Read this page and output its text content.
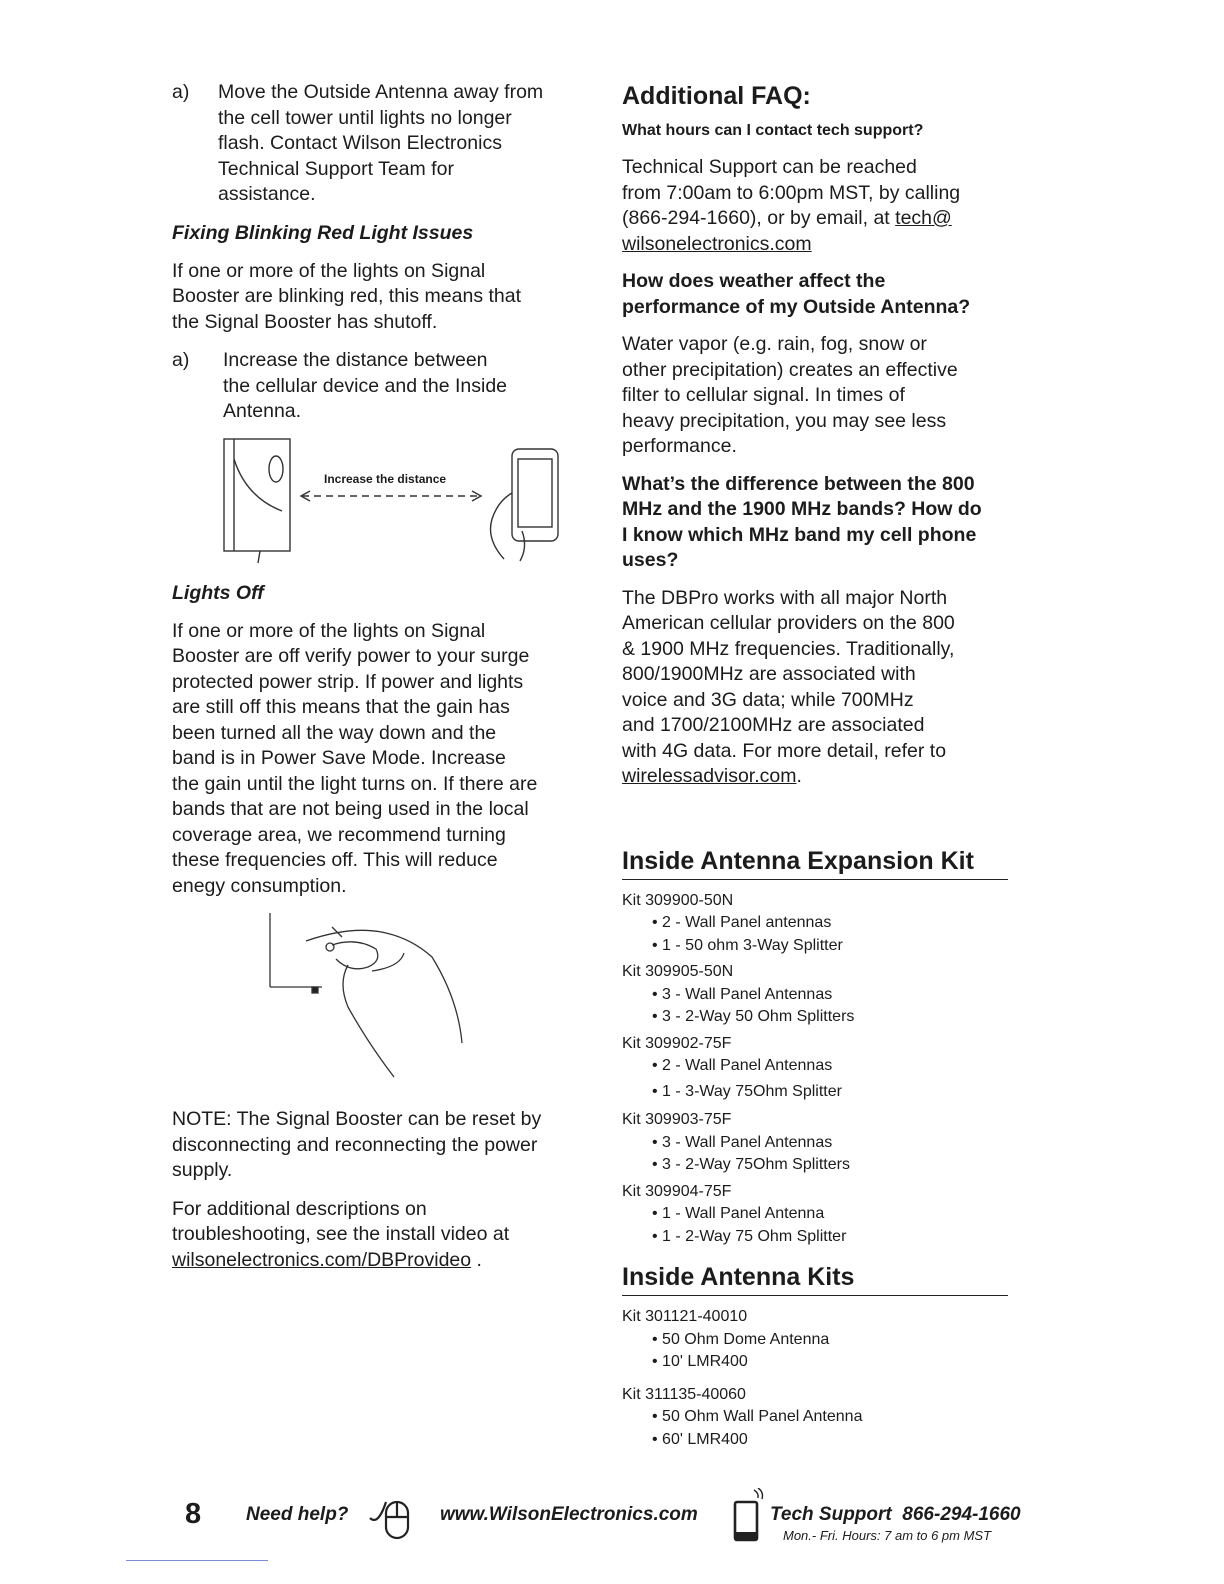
a)	Move the Outside Antenna away from
the cell tower until lights no longer
flash. Contact Wilson Electronics
Technical Support Team for
assistance.
Fixing Blinking Red Light Issues
If one or more of the lights on Signal
Booster are blinking red, this means that
the Signal Booster has shutoff.
a)	Increase the distance between
the cellular device and the Inside
Antenna.
Increase the distance
Lights Off
If one or more of the lights on Signal
Booster are off verify power to your surge
protected power strip. If power and lights
are still off this means that the gain has
been turned all the way down and the
band is in Power Save Mode. Increase
the gain until the light turns on. If there are
bands that are not being used in the local
coverage area, we recommend turning
these frequencies off. This will reduce
enegy consumption.
NOTE: The Signal Booster can be reset by
disconnecting and reconnecting the power
supply.
For additional descriptions on
troubleshooting, see the install video at
wilsonelectronics.com/DBProvideo .
Additional FAQ:
What hours can I contact tech support?
Technical Support can be reached
from 7:00am to 6:00pm MST, by calling
(866-294-1660), or by email, at tech@
wilsonelectronics.com
How does weather affect the
performance of my Outside Antenna?
Water vapor (e.g. rain, fog, snow or
other precipitation) creates an effective
filter to cellular signal. In times of
heavy precipitation, you may see less
performance.
What’s the difference between the 800
MHz and the 1900 MHz bands? How do
I know which MHz band my cell phone
uses?
The DBPro works with all major North
American cellular providers on the 800
& 1900 MHz frequencies. Traditionally,
800/1900MHz are associated with
voice and 3G data; while 700MHz
and 1700/2100MHz are associated
with 4G data. For more detail, refer to
wirelessadvisor.com.
Inside Antenna Expansion Kit
Kit 309900-50N
• 2 - Wall Panel antennas
• 1 - 50 ohm 3-Way Splitter
Kit 309905-50N
• 3 - Wall Panel Antennas
• 3 - 2-Way 50 Ohm Splitters
Kit 309902-75F
• 2 - Wall Panel Antennas
• 1 - 3-Way 75Ohm Splitter
Kit 309903-75F
• 3 - Wall Panel Antennas
• 3 - 2-Way 75Ohm Splitters
Kit 309904-75F
• 1 - Wall Panel Antenna
• 1 - 2-Way 75 Ohm Splitter
Inside Antenna Kits
Kit 301121-40010
• 50 Ohm Dome Antenna
• 10' LMR400
Kit 311135-40060
• 50 Ohm Wall Panel Antenna
• 60' LMR400
8 Need help?	www.WilsonElectronics.com	Tech Support  866-294-1660
Mon.- Fri. Hours: 7 am to 6 pm MST
